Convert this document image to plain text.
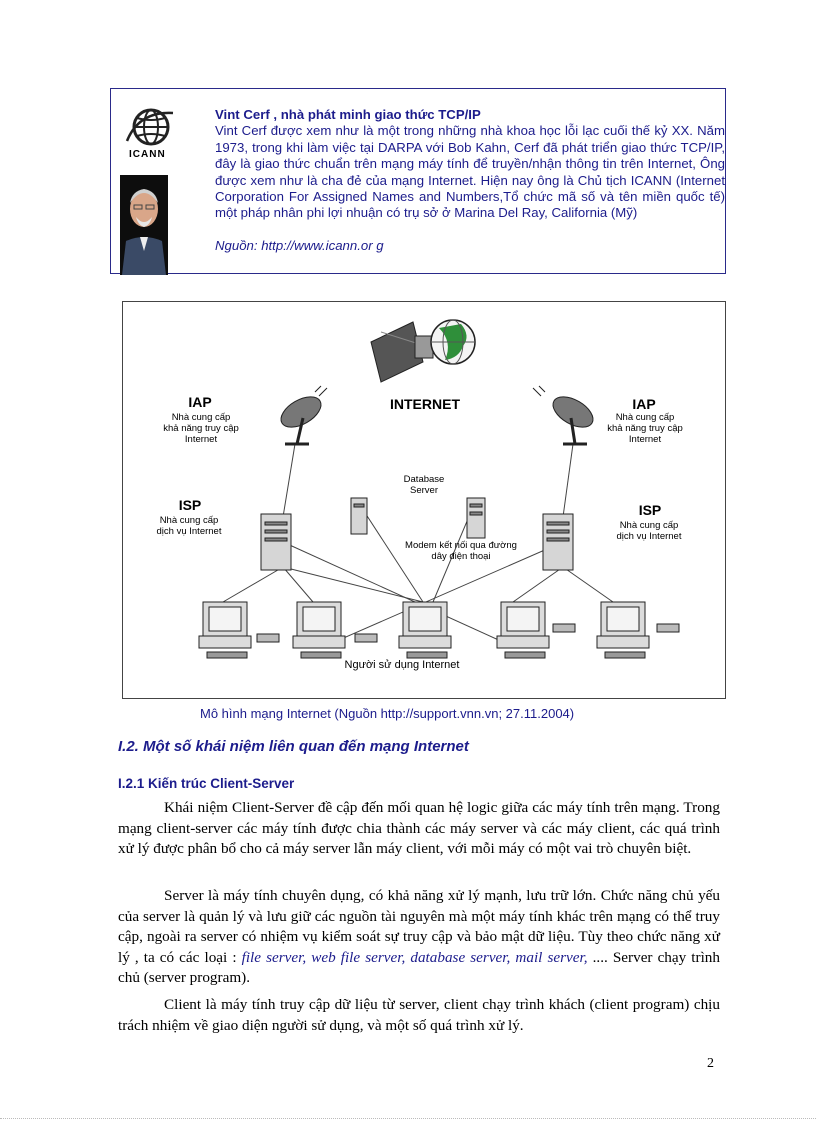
ICANN
Vint Cerf , nhà phát minh giao thức TCP/IP
Vint Cerf được xem như là một trong những nhà khoa học lỗi lạc cuối thế kỷ XX. Năm 1973, trong khi làm việc tại DARPA với Bob Kahn, Cerf đã phát triển giao thức TCP/IP, đây là giao thức chuẩn trên mạng máy tính để truyền/nhận thông tin trên Internet, Ông được xem như là cha đẻ của mạng Internet. Hiện nay ông là Chủ tịch ICANN (Internet Corporation For Assigned Names and Numbers,Tổ chức mã số và tên miền quốc tế) một pháp nhân phi lợi nhuận có trụ sở ở Marina Del Ray, California (Mỹ)
Nguồn: http://www.icann.or g
IAP
Nhà cung cấp khả năng truy cập Internet
INTERNET	IAP
Nhà cung cấp khả năng truy cập Internet
ISP
Nhà cung cấp dịch vụ Internet
ISP
Nhà cung cấp dịch vụ Internet
Database Server
Modem kết nối qua đường dây điện thoại
Người sử dụng Internet
Mô hình mạng Internet (Nguồn http://support.vnn.vn; 27.11.2004)
I.2. Một số khái niệm liên quan đến mạng Internet
I.2.1 Kiến trúc Client-Server
Khái niệm Client-Server đề cập đến mối quan hệ logic giữa các máy tính trên mạng. Trong mạng client-server các máy tính được chia thành các máy server và các máy client, các quá trình xử lý được phân bổ cho cả máy server lẫn máy client, với mỗi máy có một vai trò chuyên biệt.
Server là máy tính chuyên dụng, có khả năng xử lý mạnh, lưu trữ lớn. Chức năng chủ yếu của server là quản lý và lưu giữ các nguồn tài nguyên mà một máy tính khác trên mạng có thể truy cập, ngoài ra server có nhiệm vụ kiểm soát sự truy cập và bảo mật dữ liệu. Tùy theo chức năng xử lý , ta có các loại : file server, web file server, database server, mail server, .... Server chạy trình chủ (server program).
Client là máy tính truy cập dữ liệu từ server, client chạy trình khách (client program) chịu trách nhiệm về giao diện người sử dụng, và một số quá trình xử lý.
2
